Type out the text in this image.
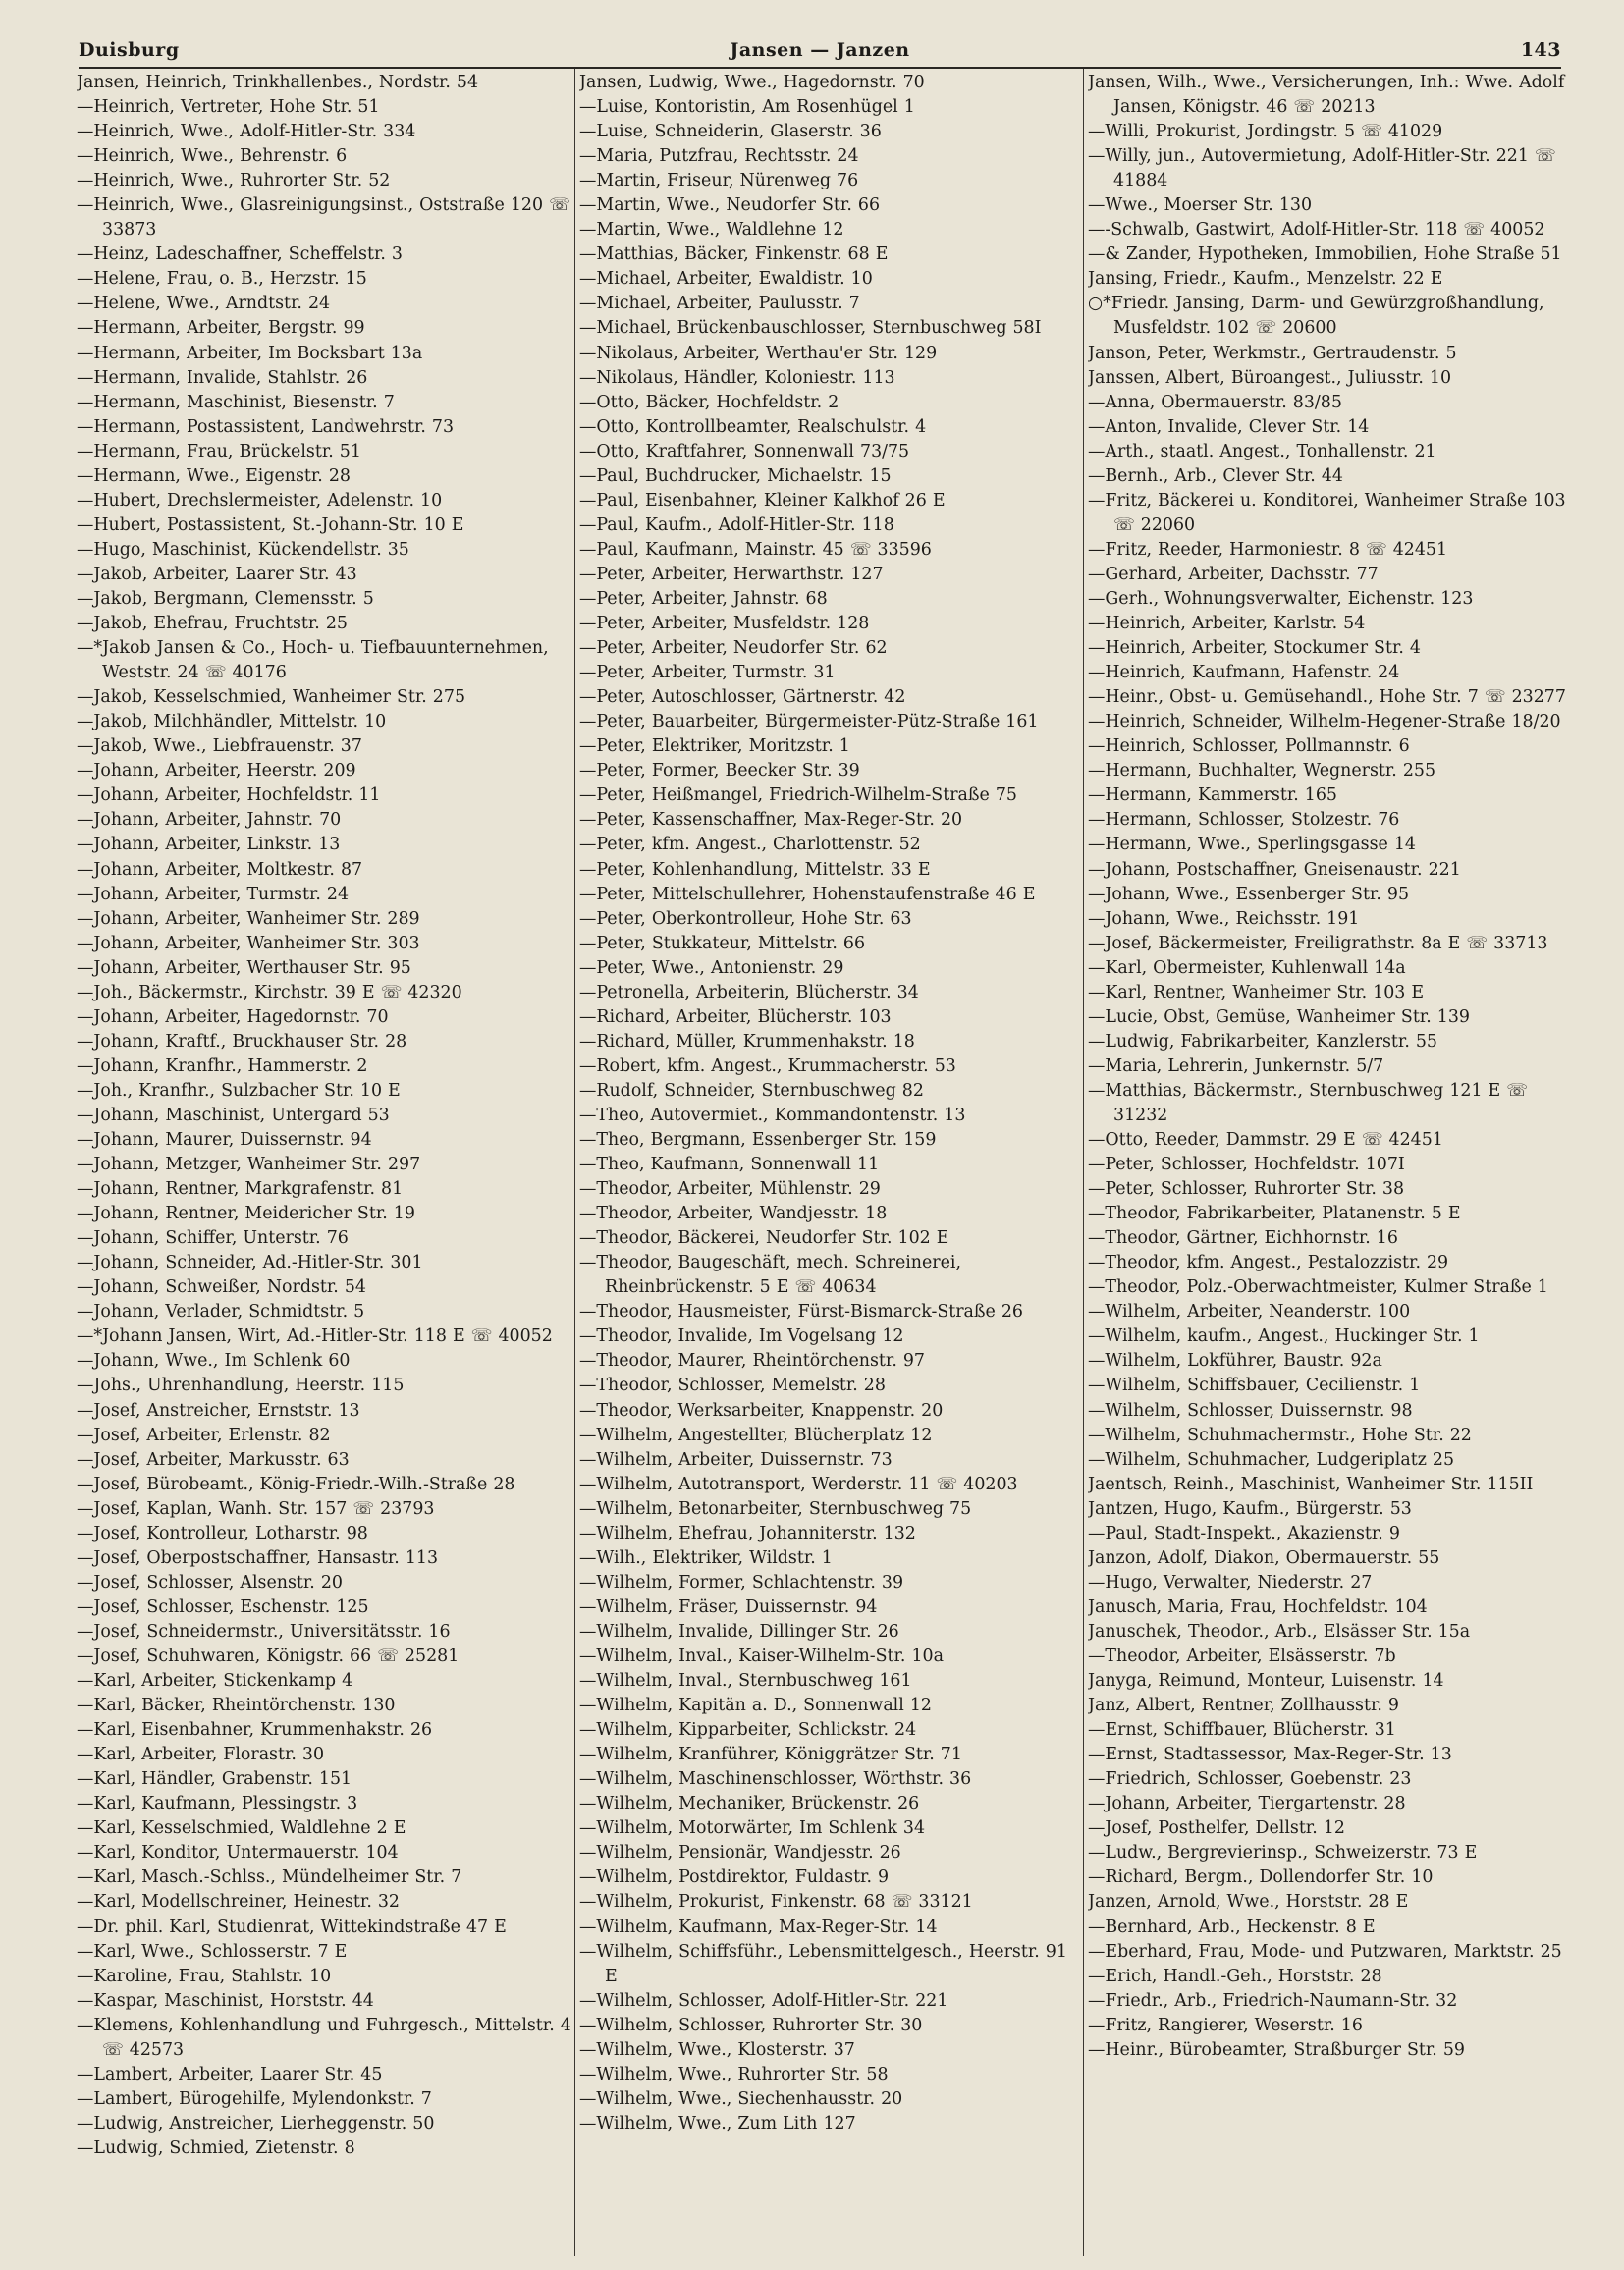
Duisburg	Jansen — Janzen	143
Jansen, Heinrich, Trinkhallenbes., Nordstr. 54
—Heinrich, Vertreter, Hohe Str. 51
—Heinrich, Wwe., Adolf-Hitler-Str. 334
—Heinrich, Wwe., Behrenstr. 6
—Heinrich, Wwe., Ruhrorter Str. 52
—Heinrich, Wwe., Glasreinigungsinst., Oststraße 120 ☏ 33873
—Heinz, Ladeschaffner, Scheffelstr. 3
—Helene, Frau, o. B., Herzstr. 15
—Helene, Wwe., Arndtstr. 24
—Hermann, Arbeiter, Bergstr. 99
—Hermann, Arbeiter, Im Bocksbart 13a
—Hermann, Invalide, Stahlstr. 26
—Hermann, Maschinist, Biesenstr. 7
—Hermann, Postassistent, Landwehrstr. 73
—Hermann, Frau, Brückelstr. 51
—Hermann, Wwe., Eigenstr. 28
—Hubert, Drechslermeister, Adelenstr. 10
—Hubert, Postassistent, St.-Johann-Str. 10 E
—Hugo, Maschinist, Kückendellstr. 35
—Jakob, Arbeiter, Laarer Str. 43
—Jakob, Bergmann, Clemensstr. 5
—Jakob, Ehefrau, Fruchtstr. 25
—*Jakob Jansen & Co., Hoch- u. Tiefbauunternehmen, Weststr. 24 ☏ 40176
—Jakob, Kesselschmied, Wanheimer Str. 275
—Jakob, Milchhändler, Mittelstr. 10
—Jakob, Wwe., Liebfrauenstr. 37
—Johann, Arbeiter, Heerstr. 209
—Johann, Arbeiter, Hochfeldstr. 11
—Johann, Arbeiter, Jahnstr. 70
—Johann, Arbeiter, Linkstr. 13
—Johann, Arbeiter, Moltkestr. 87
—Johann, Arbeiter, Turmstr. 24
—Johann, Arbeiter, Wanheimer Str. 289
—Johann, Arbeiter, Wanheimer Str. 303
—Johann, Arbeiter, Werthauser Str. 95
—Joh., Bäckermstr., Kirchstr. 39 E ☏ 42320
—Johann, Arbeiter, Hagedornstr. 70
—Johann, Kraftf., Bruckhauser Str. 28
—Johann, Kranfhr., Hammerstr. 2
—Joh., Kranfhr., Sulzbacher Str. 10 E
—Johann, Maschinist, Untergard 53
—Johann, Maurer, Duissernstr. 94
—Johann, Metzger, Wanheimer Str. 297
—Johann, Rentner, Markgrafenstr. 81
—Johann, Rentner, Meidericher Str. 19
—Johann, Schiffer, Unterstr. 76
—Johann, Schneider, Ad.-Hitler-Str. 301
—Johann, Schweißer, Nordstr. 54
—Johann, Verlader, Schmidtstr. 5
—*Johann Jansen, Wirt, Ad.-Hitler-Str. 118 E ☏ 40052
—Johann, Wwe., Im Schlenk 60
—Johs., Uhrenhandlung, Heerstr. 115
—Josef, Anstreicher, Ernststr. 13
—Josef, Arbeiter, Erlenstr. 82
—Josef, Arbeiter, Markusstr. 63
—Josef, Bürobeamt., König-Friedr.-Wilh.-Straße 28
—Josef, Kaplan, Wanh. Str. 157 ☏ 23793
—Josef, Kontrolleur, Lotharstr. 98
—Josef, Oberpostschaffner, Hansastr. 113
—Josef, Schlosser, Alsenstr. 20
—Josef, Schlosser, Eschenstr. 125
—Josef, Schneidermstr., Universitätsstr. 16
—Josef, Schuhwaren, Königstr. 66 ☏ 25281
—Karl, Arbeiter, Stickenkamp 4
—Karl, Bäcker, Rheintörchenstr. 130
—Karl, Eisenbahner, Krummenhakstr. 26
—Karl, Arbeiter, Florastr. 30
—Karl, Händler, Grabenstr. 151
—Karl, Kaufmann, Plessingstr. 3
—Karl, Kesselschmied, Waldlehne 2 E
—Karl, Konditor, Untermauerstr. 104
—Karl, Masch.-Schlss., Mündelheimer Str. 7
—Karl, Modellschreiner, Heinestr. 32
—Dr. phil. Karl, Studienrat, Wittekindstraße 47 E
—Karl, Wwe., Schlosserstr. 7 E
—Karoline, Frau, Stahlstr. 10
—Kaspar, Maschinist, Horststr. 44
—Klemens, Kohlenhandlung und Fuhrgesch., Mittelstr. 4 ☏ 42573
—Lambert, Arbeiter, Laarer Str. 45
—Lambert, Bürogehilfe, Mylendonkstr. 7
—Ludwig, Anstreicher, Lierheggenstr. 50
—Ludwig, Schmied, Zietenstr. 8
Jansen, Ludwig, Wwe., Hagedornstr. 70
—Luise, Kontoristin, Am Rosenhügel 1
—Luise, Schneiderin, Glaserstr. 36
—Maria, Putzfrau, Rechtsstr. 24
—Martin, Friseur, Nürenweg 76
—Martin, Wwe., Neudorfer Str. 66
—Martin, Wwe., Waldlehne 12
—Matthias, Bäcker, Finkenstr. 68 E
—Michael, Arbeiter, Ewaldistr. 10
—Michael, Arbeiter, Paulusstr. 7
—Michael, Brückenbauschlosser, Sternbuschweg 58I
—Nikolaus, Arbeiter, Werthau'er Str. 129
—Nikolaus, Händler, Koloniestr. 113
—Otto, Bäcker, Hochfeldstr. 2
—Otto, Kontrollbeamter, Realschulstr. 4
—Otto, Kraftfahrer, Sonnenwall 73/75
—Paul, Buchdrucker, Michaelstr. 15
—Paul, Eisenbahner, Kleiner Kalkhof 26 E
—Paul, Kaufm., Adolf-Hitler-Str. 118
—Paul, Kaufmann, Mainstr. 45 ☏ 33596
—Peter, Arbeiter, Herwarthstr. 127
—Peter, Arbeiter, Jahnstr. 68
—Peter, Arbeiter, Musfeldstr. 128
—Peter, Arbeiter, Neudorfer Str. 62
—Peter, Arbeiter, Turmstr. 31
—Peter, Autoschlosser, Gärtnerstr. 42
—Peter, Bauarbeiter, Bürgermeister-Pütz-Straße 161
—Peter, Elektriker, Moritzstr. 1
—Peter, Former, Beecker Str. 39
—Peter, Heißmangel, Friedrich-Wilhelm-Straße 75
—Peter, Kassenschaffner, Max-Reger-Str. 20
—Peter, kfm. Angest., Charlottenstr. 52
—Peter, Kohlenhandlung, Mittelstr. 33 E
—Peter, Mittelschullehrer, Hohenstaufenstraße 46 E
—Peter, Oberkontrolleur, Hohe Str. 63
—Peter, Stukkateur, Mittelstr. 66
—Peter, Wwe., Antonienstr. 29
—Petronella, Arbeiterin, Blücherstr. 34
—Richard, Arbeiter, Blücherstr. 103
—Richard, Müller, Krummenhakstr. 18
—Robert, kfm. Angest., Krummacherstr. 53
—Rudolf, Schneider, Sternbuschweg 82
—Theo, Autovermiet., Kommandontenstr. 13
—Theo, Bergmann, Essenberger Str. 159
—Theo, Kaufmann, Sonnenwall 11
—Theodor, Arbeiter, Mühlenstr. 29
—Theodor, Arbeiter, Wandjesstr. 18
—Theodor, Bäckerei, Neudorfer Str. 102 E
—Theodor, Baugeschäft, mech. Schreinerei, Rheinbrückenstr. 5 E ☏ 40634
—Theodor, Hausmeister, Fürst-Bismarck-Straße 26
—Theodor, Invalide, Im Vogelsang 12
—Theodor, Maurer, Rheintörchenstr. 97
—Theodor, Schlosser, Memelstr. 28
—Theodor, Werksarbeiter, Knappenstr. 20
—Wilhelm, Angestellter, Blücherplatz 12
—Wilhelm, Arbeiter, Duissernstr. 73
—Wilhelm, Autotransport, Werderstr. 11 ☏ 40203
—Wilhelm, Betonarbeiter, Sternbuschweg 75
—Wilhelm, Ehefrau, Johanniterstr. 132
—Wilh., Elektriker, Wildstr. 1
—Wilhelm, Former, Schlachtenstr. 39
—Wilhelm, Fräser, Duissernstr. 94
—Wilhelm, Invalide, Dillinger Str. 26
—Wilhelm, Inval., Kaiser-Wilhelm-Str. 10a
—Wilhelm, Inval., Sternbuschweg 161
—Wilhelm, Kapitän a. D., Sonnenwall 12
—Wilhelm, Kipparbeiter, Schlickstr. 24
—Wilhelm, Kranführer, Königgrätzer Str. 71
—Wilhelm, Maschinenschlosser, Wörthstr. 36
—Wilhelm, Mechaniker, Brückenstr. 26
—Wilhelm, Motorwärter, Im Schlenk 34
—Wilhelm, Pensionär, Wandjesstr. 26
—Wilhelm, Postdirektor, Fuldastr. 9
—Wilhelm, Prokurist, Finkenstr. 68 ☏ 33121
—Wilhelm, Kaufmann, Max-Reger-Str. 14
—Wilhelm, Schiffsführ., Lebensmittelgesch., Heerstr. 91 E
—Wilhelm, Schlosser, Adolf-Hitler-Str. 221
—Wilhelm, Schlosser, Ruhrorter Str. 30
—Wilhelm, Wwe., Klosterstr. 37
—Wilhelm, Wwe., Ruhrorter Str. 58
—Wilhelm, Wwe., Siechenhausstr. 20
—Wilhelm, Wwe., Zum Lith 127
Jansen, Wilh., Wwe., Versicherungen, Inh.: Wwe. Adolf Jansen, Königstr. 46 ☏ 20213
—Willi, Prokurist, Jordingstr. 5 ☏ 41029
—Willy, jun., Autovermietung, Adolf-Hitler-Str. 221 ☏ 41884
—Wwe., Moerser Str. 130
—-Schwalb, Gastwirt, Adolf-Hitler-Str. 118 ☏ 40052
—& Zander, Hypotheken, Immobilien, Hohe Straße 51
Jansing, Friedr., Kaufm., Menzelstr. 22 E
○*Friedr. Jansing, Darm- und Gewürzgroßhandlung, Musfeldstr. 102 ☏ 20600
Janson, Peter, Werkmstr., Gertraudenstr. 5
Janssen, Albert, Büroangest., Juliusstr. 10
—Anna, Obermauerstr. 83/85
—Anton, Invalide, Clever Str. 14
—Arth., staatl. Angest., Tonhallenstr. 21
—Bernh., Arb., Clever Str. 44
—Fritz, Bäckerei u. Konditorei, Wanheimer Straße 103 ☏ 22060
—Fritz, Reeder, Harmoniestr. 8 ☏ 42451
—Gerhard, Arbeiter, Dachsstr. 77
—Gerh., Wohnungsverwalter, Eichenstr. 123
—Heinrich, Arbeiter, Karlstr. 54
—Heinrich, Arbeiter, Stockumer Str. 4
—Heinrich, Kaufmann, Hafenstr. 24
—Heinr., Obst- u. Gemüsehandl., Hohe Str. 7 ☏ 23277
—Heinrich, Schneider, Wilhelm-Hegener-Straße 18/20
—Heinrich, Schlosser, Pollmannstr. 6
—Hermann, Buchhalter, Wegnerstr. 255
—Hermann, Kammerstr. 165
—Hermann, Schlosser, Stolzestr. 76
—Hermann, Wwe., Sperlingsgasse 14
—Johann, Postschaffner, Gneisenaustr. 221
—Johann, Wwe., Essenberger Str. 95
—Johann, Wwe., Reichsstr. 191
—Josef, Bäckermeister, Freiligrathstr. 8a E ☏ 33713
—Karl, Obermeister, Kuhlenwall 14a
—Karl, Rentner, Wanheimer Str. 103 E
—Lucie, Obst, Gemüse, Wanheimer Str. 139
—Ludwig, Fabrikarbeiter, Kanzlerstr. 55
—Maria, Lehrerin, Junkernstr. 5/7
—Matthias, Bäckermstr., Sternbuschweg 121 E ☏ 31232
—Otto, Reeder, Dammstr. 29 E ☏ 42451
—Peter, Schlosser, Hochfeldstr. 107I
—Peter, Schlosser, Ruhrorter Str. 38
—Theodor, Fabrikarbeiter, Platanenstr. 5 E
—Theodor, Gärtner, Eichhornstr. 16
—Theodor, kfm. Angest., Pestalozzistr. 29
—Theodor, Polz.-Oberwachtmeister, Kulmer Straße 1
—Wilhelm, Arbeiter, Neanderstr. 100
—Wilhelm, kaufm., Angest., Huckinger Str. 1
—Wilhelm, Lokführer, Baustr. 92a
—Wilhelm, Schiffsbauer, Cecilienstr. 1
—Wilhelm, Schlosser, Duissernstr. 98
—Wilhelm, Schuhmachermstr., Hohe Str. 22
—Wilhelm, Schuhmacher, Ludgeriplatz 25
Jaentsch, Reinh., Maschinist, Wanheimer Str. 115II
Jantzen, Hugo, Kaufm., Bürgerstr. 53
—Paul, Stadt-Inspekt., Akazienstr. 9
Janzon, Adolf, Diakon, Obermauerstr. 55
—Hugo, Verwalter, Niederstr. 27
Janusch, Maria, Frau, Hochfeldstr. 104
Januschek, Theodor., Arb., Elsässer Str. 15a
—Theodor, Arbeiter, Elsässerstr. 7b
Janyga, Reimund, Monteur, Luisenstr. 14
Janz, Albert, Rentner, Zollhausstr. 9
—Ernst, Schiffbauer, Blücherstr. 31
—Ernst, Stadtassessor, Max-Reger-Str. 13
—Friedrich, Schlosser, Goebenstr. 23
—Johann, Arbeiter, Tiergartenstr. 28
—Josef, Posthelfer, Dellstr. 12
—Ludw., Bergrevierinsp., Schweizerstr. 73 E
—Richard, Bergm., Dollendorfer Str. 10
Janzen, Arnold, Wwe., Horststr. 28 E
—Bernhard, Arb., Heckenstr. 8 E
—Eberhard, Frau, Mode- und Putzwaren, Marktstr. 25
—Erich, Handl.-Geh., Horststr. 28
—Friedr., Arb., Friedrich-Naumann-Str. 32
—Fritz, Rangierer, Weserstr. 16
—Heinr., Bürobeamter, Straßburger Str. 59
